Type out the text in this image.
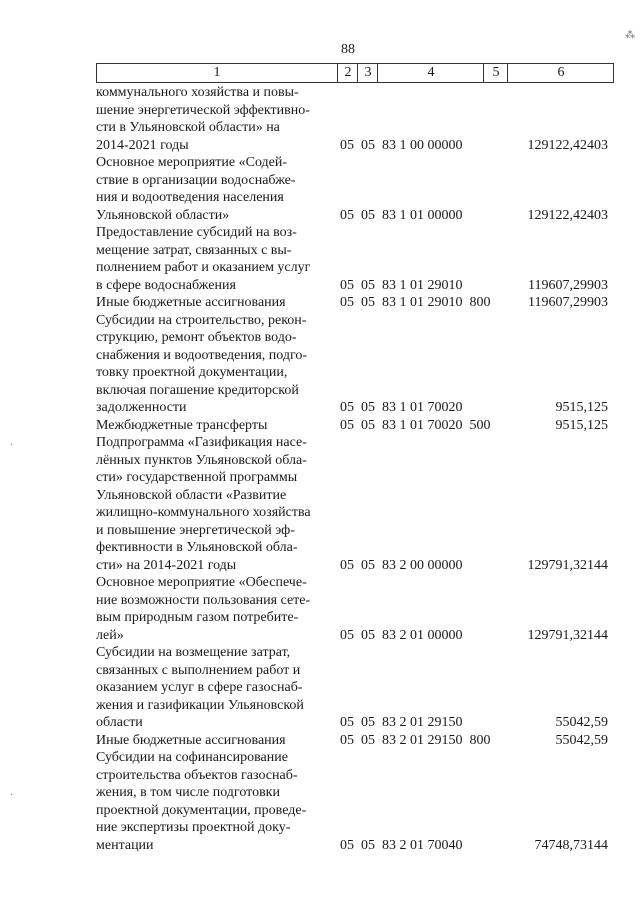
88
1	2 3	4	5	6
коммунального хозяйства и повы-
шение энергетической эффективно-
сти в Ульяновской области» на
2014-2021 годы	05  05  83 1 00 00000	129122,42403
Основное мероприятие «Содей-
ствие в организации водоснабже-
ния и водоотведения населения
Ульяновской области»	05  05  83 1 01 00000	129122,42403
Предоставление субсидий на воз-
мещение затрат, связанных с вы-
полнением работ и оказанием услуг
в сфере водоснабжения	05  05  83 1 01 29010	119607,29903
Иные бюджетные ассигнования	05  05  83 1 01 29010  800	119607,29903
Субсидии на строительство, рекон-
струкцию, ремонт объектов водо-
снабжения и водоотведения, подго-
товку проектной документации,
включая погашение кредиторской
задолженности	05  05  83 1 01 70020	9515,125
Межбюджетные трансферты	05  05  83 1 01 70020  500	9515,125
Подпрограмма «Газификация насе-
лённых пунктов Ульяновской обла-
сти» государственной программы
Ульяновской области «Развитие
жилищно-коммунального хозяйства
и повышение энергетической эф-
фективности в Ульяновской обла-
сти» на 2014-2021 годы	05  05  83 2 00 00000	129791,32144
Основное мероприятие «Обеспече-
ние возможности пользования сете-
вым природным газом потребите-
лей»	05  05  83 2 01 00000	129791,32144
Субсидии на возмещение затрат,
связанных с выполнением работ и
оказанием услуг в сфере газоснаб-
жения и газификации Ульяновской
области	05  05  83 2 01 29150	55042,59
Иные бюджетные ассигнования	05  05  83 2 01 29150  800	55042,59
Субсидии на софинансирование
строительства объектов газоснаб-
жения, в том числе подготовки
проектной документации, проведе-
ние экспертизы проектной доку-
ментации	05  05  83 2 01 70040	74748,73144
⁂
·
·
